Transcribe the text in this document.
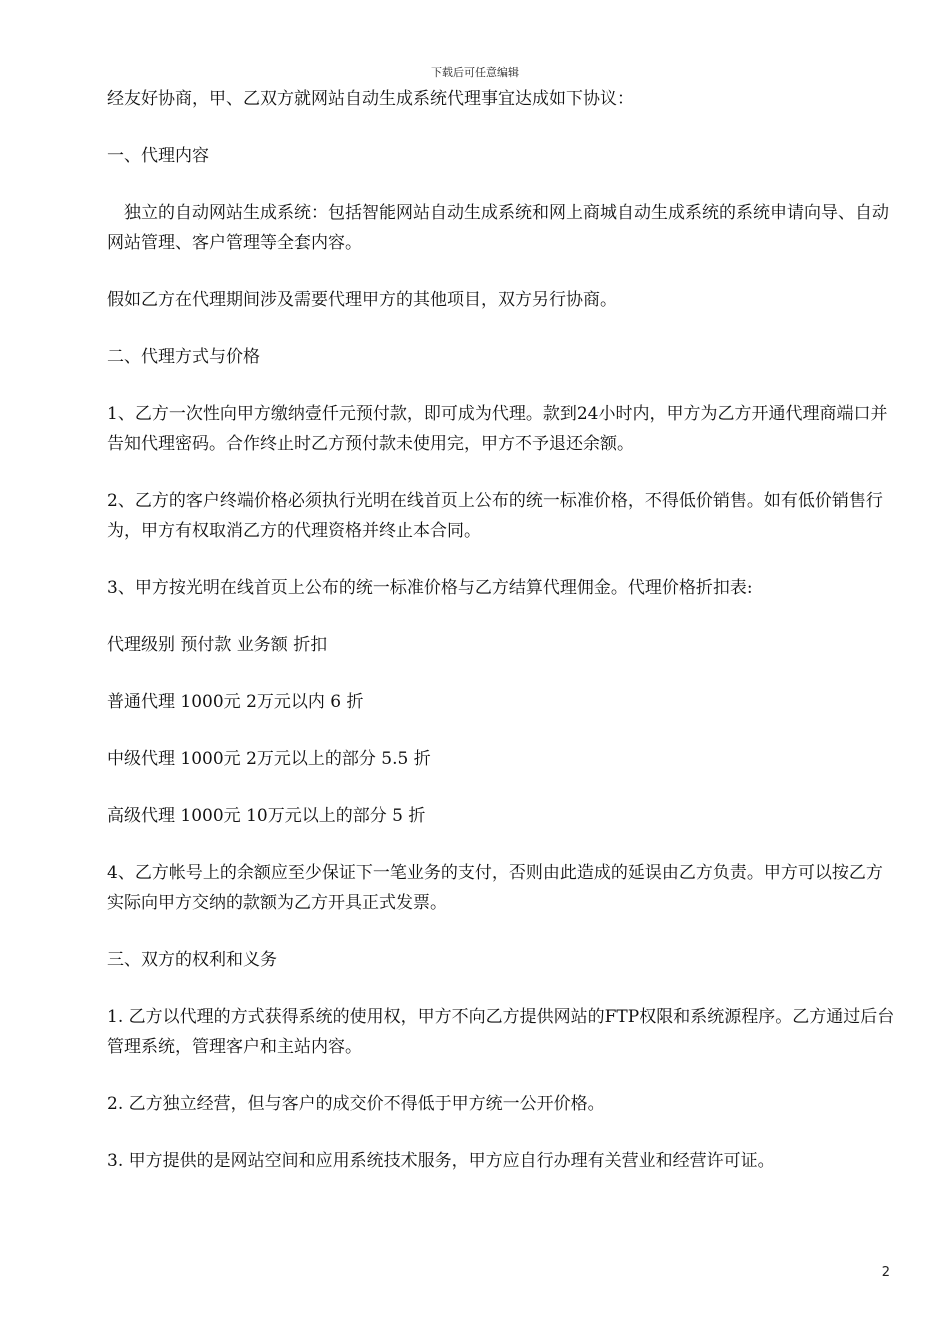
下载后可任意编辑

经友好协商，甲、乙双方就网站自动生成系统代理事宜达成如下协议：

一、代理内容

独立的自动网站生成系统：包括智能网站自动生成系统和网上商城自动生成系统的系统申请向导、自动网站管理、客户管理等全套内容。

假如乙方在代理期间涉及需要代理甲方的其他项目，双方另行协商。

二、代理方式与价格

1、乙方一次性向甲方缴纳壹仟元预付款，即可成为代理。款到24小时内，甲方为乙方开通代理商端口并告知代理密码。合作终止时乙方预付款未使用完，甲方不予退还余额。

2、乙方的客户终端价格必须执行光明在线首页上公布的统一标准价格，不得低价销售。如有低价销售行为，甲方有权取消乙方的代理资格并终止本合同。

3、甲方按光明在线首页上公布的统一标准价格与乙方结算代理佣金。代理价格折扣表:

代理级别 预付款 业务额 折扣

普通代理 1000元 2万元以内 6 折

中级代理 1000元 2万元以上的部分 5.5 折

高级代理 1000元 10万元以上的部分 5 折

4、乙方帐号上的余额应至少保证下一笔业务的支付，否则由此造成的延误由乙方负责。甲方可以按乙方实际向甲方交纳的款额为乙方开具正式发票。

三、双方的权利和义务

1. 乙方以代理的方式获得系统的使用权，甲方不向乙方提供网站的FTP权限和系统源程序。乙方通过后台管理系统，管理客户和主站内容。

2. 乙方独立经营，但与客户的成交价不得低于甲方统一公开价格。

3. 甲方提供的是网站空间和应用系统技术服务，甲方应自行办理有关营业和经营许可证。

2
